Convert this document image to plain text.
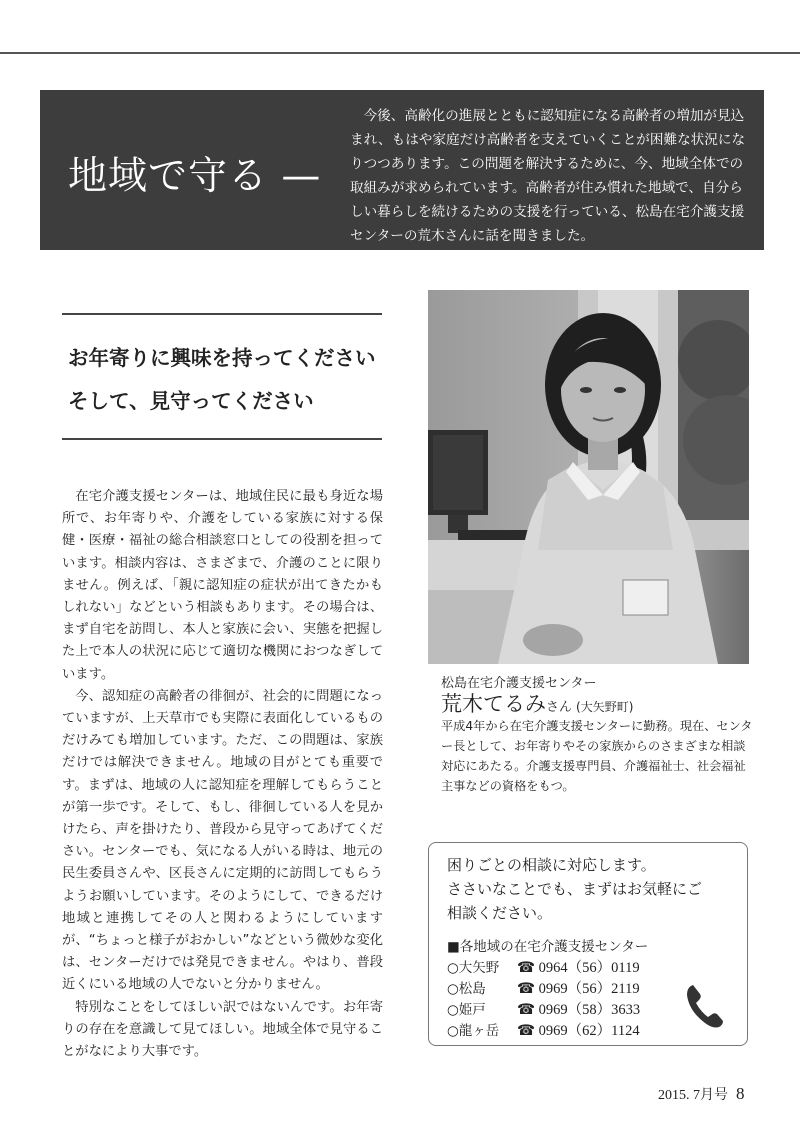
地域で守る —

今後、高齢化の進展とともに認知症になる高齢者の増加が見込まれ、もはや家庭だけ高齢者を支えていくことが困難な状況になりつつあります。この問題を解決するために、今、地域全体での取組みが求められています。高齢者が住み慣れた地域で、自分らしい暮らしを続けるための支援を行っている、松島在宅介護支援センターの荒木さんに話を聞きました。

お年寄りに興味を持ってください
そして、見守ってください

在宅介護支援センターは、地域住民に最も身近な場所で、お年寄りや、介護をしている家族に対する保健・医療・福祉の総合相談窓口としての役割を担っています。相談内容は、さまざまで、介護のことに限りません。例えば、「親に認知症の症状が出てきたかもしれない」などという相談もあります。その場合は、まず自宅を訪問し、本人と家族に会い、実態を把握した上で本人の状況に応じて適切な機関におつなぎしています。

今、認知症の高齢者の徘徊が、社会的に問題になっていますが、上天草市でも実際に表面化しているものだけみても増加しています。ただ、この問題は、家族だけでは解決できません。地域の目がとても重要です。まずは、地域の人に認知症を理解してもらうことが第一歩です。そして、もし、徘徊している人を見かけたら、声を掛けたり、普段から見守ってあげてください。センターでも、気になる人がいる時は、地元の民生委員さんや、区長さんに定期的に訪問してもらうようお願いしています。そのようにして、できるだけ地域と連携してその人と関わるようにしていますが、“ちょっと様子がおかしい”などという微妙な変化は、センターだけでは発見できません。やはり、普段近くにいる地域の人でないと分かりません。

特別なことをしてほしい訳ではないんです。お年寄りの存在を意識して見てほしい。地域全体で見守ることがなにより大事です。

松島在宅介護支援センター
荒木てるみさん (大矢野町)
平成4年から在宅介護支援センターに勤務。現在、センター長として、お年寄りやその家族からのさまざまな相談対応にあたる。介護支援専門員、介護福祉士、社会福祉主事などの資格をもつ。
困りごとの相談に対応します。
ささいなことでも、まずはお気軽にご
相談ください。
■各地域の在宅介護支援センター
○大矢野 ☎ 0964（56）0119
○松島 ☎ 0969（56）2119
○姫戸 ☎ 0969（58）3633
○龍ヶ岳 ☎ 0969（62）1124
2015. 7月号 8
